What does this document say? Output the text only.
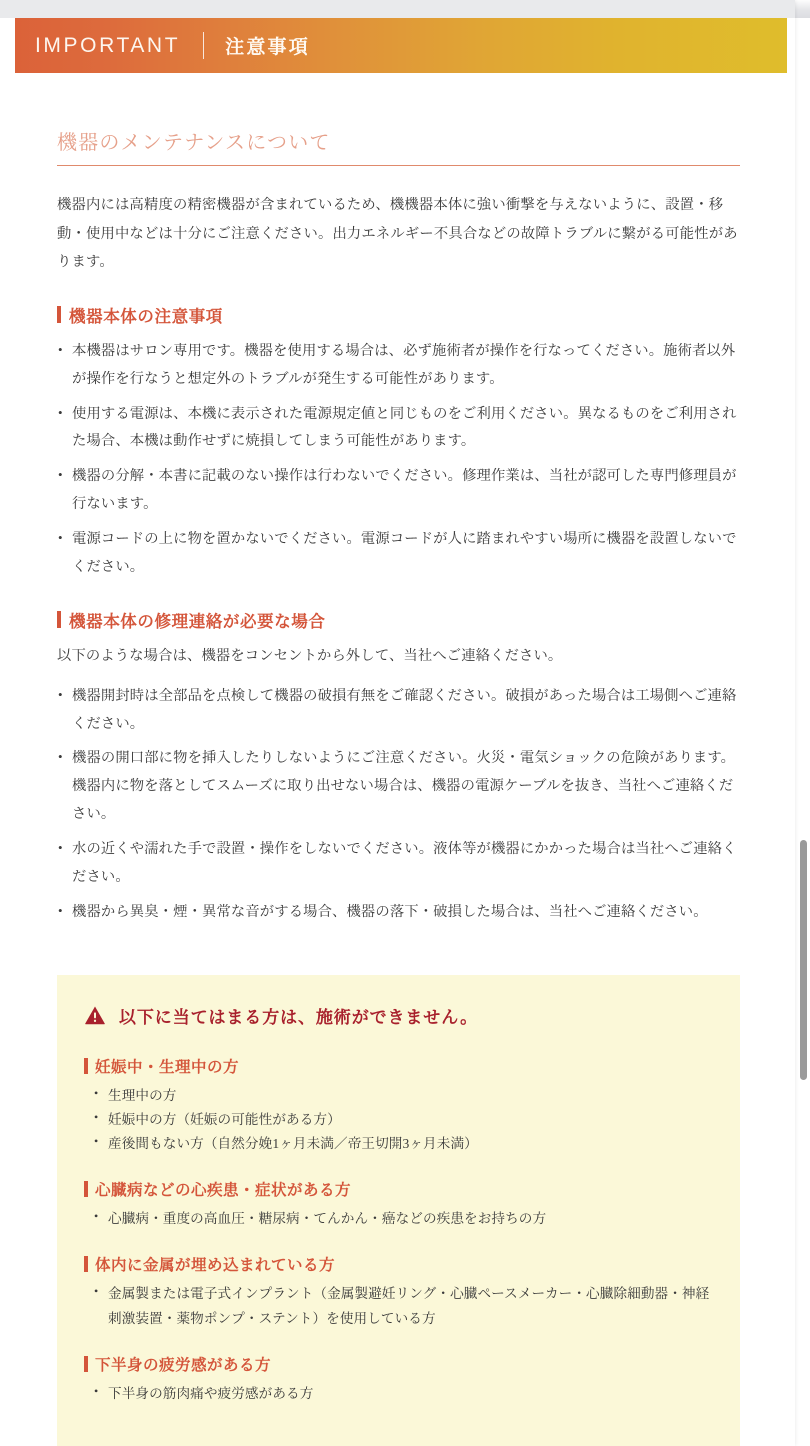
IMPORTANT 注意事項
機器のメンテナンスについて

機器内には高精度の精密機器が含まれているため、機機器本体に強い衝撃を与えないように、設置・移動・使用中などは十分にご注意ください。出力エネルギー不具合などの故障トラブルに繋がる可能性があります。

機器本体の注意事項
• 本機器はサロン専用です。機器を使用する場合は、必ず施術者が操作を行なってください。施術者以外が操作を行なうと想定外のトラブルが発生する可能性があります。
• 使用する電源は、本機に表示された電源規定値と同じものをご利用ください。異なるものをご利用された場合、本機は動作せずに焼損してしまう可能性があります。
• 機器の分解・本書に記載のない操作は行わないでください。修理作業は、当社が認可した専門修理員が行ないます。
• 電源コードの上に物を置かないでください。電源コードが人に踏まれやすい場所に機器を設置しないでください。
機器本体の修理連絡が必要な場合

以下のような場合は、機器をコンセントから外して、当社へご連絡ください。

• 機器開封時は全部品を点検して機器の破損有無をご確認ください。破損があった場合は工場側へご連絡ください。
• 機器の開口部に物を挿入したりしないようにご注意ください。火災・電気ショックの危険があります。機器内に物を落としてスムーズに取り出せない場合は、機器の電源ケーブルを抜き、当社へご連絡ください。
• 水の近くや濡れた手で設置・操作をしないでください。液体等が機器にかかった場合は当社へご連絡ください。
• 機器から異臭・煙・異常な音がする場合、機器の落下・破損した場合は、当社へご連絡ください。
以下に当てはまる方は、施術ができません。
妊娠中・生理中の方
• 生理中の方
• 妊娠中の方（妊娠の可能性がある方）
• 産後間もない方（自然分娩1ヶ月未満／帝王切開3ヶ月未満）
心臓病などの心疾患・症状がある方
• 心臓病・重度の高血圧・糖尿病・てんかん・癌などの疾患をお持ちの方
体内に金属が埋め込まれている方
• 金属製または電子式インプラント（金属製避妊リング・心臓ペースメーカー・心臓除細動器・神経刺激装置・薬物ポンプ・ステント）を使用している方
下半身の疲労感がある方
• 下半身の筋肉痛や疲労感がある方
